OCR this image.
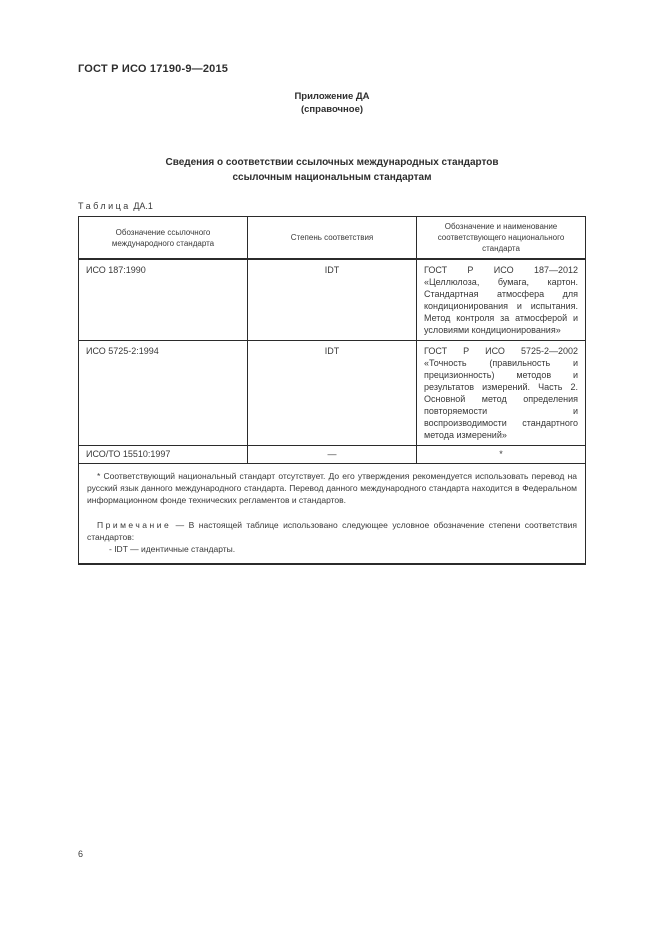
ГОСТ Р ИСО 17190-9—2015
Приложение ДА
(справочное)
Сведения о соответствии ссылочных международных стандартов
ссылочным национальным стандартам
Таблица ДА.1
Обозначение ссылочного международного стандарта	Степень соответствия	Обозначение и наименование соответствующего национального стандарта
ИСО 187:1990	IDT	ГОСТ Р ИСО 187—2012 «Целлюлоза, бумага, картон. Стандартная атмосфера для кондиционирования и испытания. Метод контроля за атмосферой и условиями кондиционирования»
ИСО 5725-2:1994	IDT	ГОСТ Р ИСО 5725-2—2002 «Точность (правильность и прецизионность) методов и результатов измерений. Часть 2. Основной метод определения повторяемости и воспроизводимости стандартного метода измерений»
ИСО/ТО 15510:1997	—	*

* Соответствующий национальный стандарт отсутствует. До его утверждения рекомендуется использовать перевод на русский язык данного международного стандарта. Перевод данного международного стандарта находится в Федеральном информационном фонде технических регламентов и стандартов.
Примечание — В настоящей таблице использовано следующее условное обозначение степени соответствия стандартов:
- IDT — идентичные стандарты.		
6
